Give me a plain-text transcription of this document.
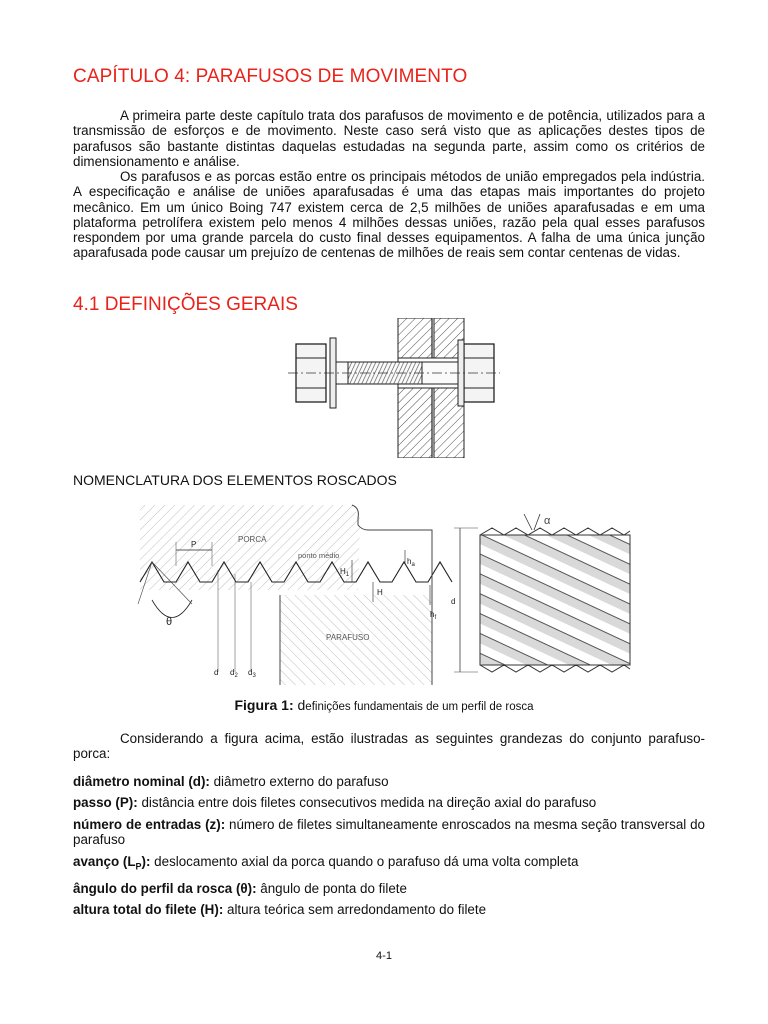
CAPÍTULO 4: PARAFUSOS DE MOVIMENTO

A primeira parte deste capítulo trata dos parafusos de movimento e de potência, utilizados para a transmissão de esforços e de movimento. Neste caso será visto que as aplicações destes tipos de parafusos são bastante distintas daquelas estudadas na segunda parte, assim como os critérios de dimensionamento e análise.

Os parafusos e as porcas estão entre os principais métodos de união empregados pela indústria. A especificação e análise de uniões aparafusadas é uma das etapas mais importantes do projeto mecânico. Em um único Boing 747 existem cerca de 2,5 milhões de uniões aparafusadas e em uma plataforma petrolífera existem pelo menos 4 milhões dessas uniões, razão pela qual esses parafusos respondem por uma grande parcela do custo final desses equipamentos. A falha de uma única junção aparafusada pode causar um prejuízo de centenas de milhões de reais sem contar centenas de vidas.

4.1 DEFINIÇÕES GERAIS

NOMENCLATURA DOS ELEMENTOS ROSCADOS

PORCA
ponto médio
PARAFUSO
P
θ
$H_1$
H
$h_a$
$h_f$
d $d_2$ $d_3$
d
α
Figura 1: definições fundamentais de um perfil de rosca

Considerando a figura acima, estão ilustradas as seguintes grandezas do conjunto parafuso-porca:

diâmetro nominal (d): diâmetro externo do parafuso

passo (P): distância entre dois filetes consecutivos medida na direção axial do parafuso

número de entradas (z): número de filetes simultaneamente enroscados na mesma seção transversal do parafuso

avanço $(L_P)$: deslocamento axial da porca quando o parafuso dá uma volta completa

ângulo do perfil da rosca (θ): ângulo de ponta do filete

altura total do filete (H): altura teórica sem arredondamento do filete

4-1
